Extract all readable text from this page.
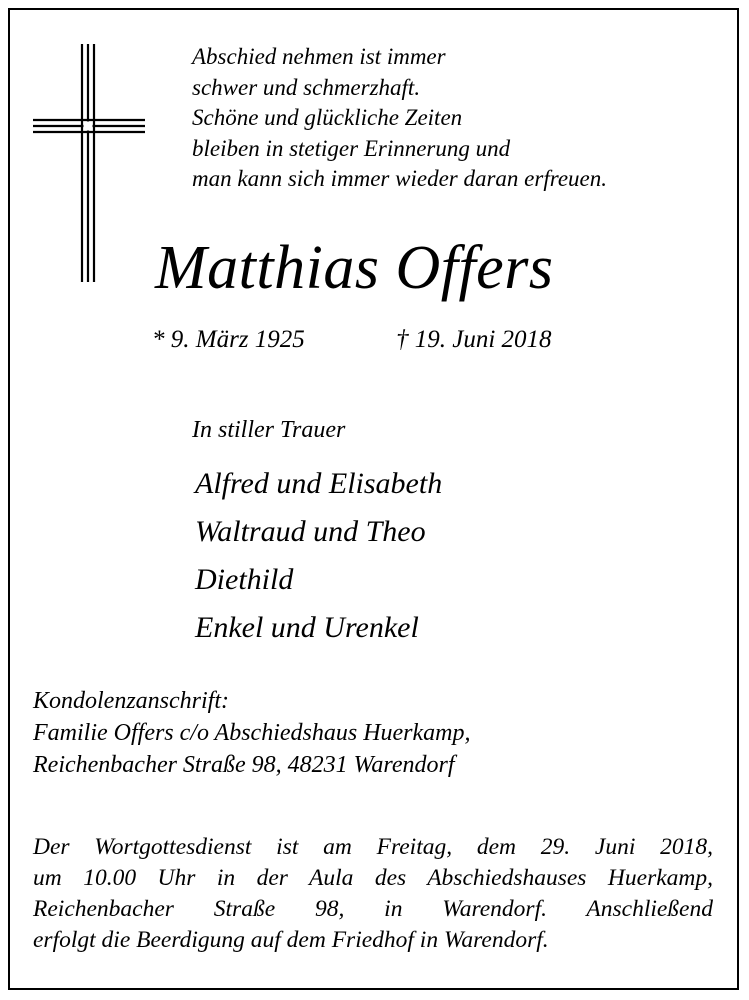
Abschied nehmen ist immer
schwer und schmerzhaft.
Schöne und glückliche Zeiten
bleiben in stetiger Erinnerung und
man kann sich immer wieder daran erfreuen.
Matthias Offers
* 9. März 1925	† 19. Juni 2018
In stiller Trauer
Alfred und Elisabeth
Waltraud und Theo
Diethild
Enkel und Urenkel
Kondolenzanschrift:
Familie Offers c/o Abschiedshaus Huerkamp,
Reichenbacher Straße 98, 48231 Warendorf

Der Wortgottesdienst ist am Freitag, dem 29. Juni 2018,

um 10.00 Uhr in der Aula des Abschiedshauses Huerkamp,

Reichenbacher Straße 98, in Warendorf. Anschließend

erfolgt die Beerdigung auf dem Friedhof in Warendorf.
